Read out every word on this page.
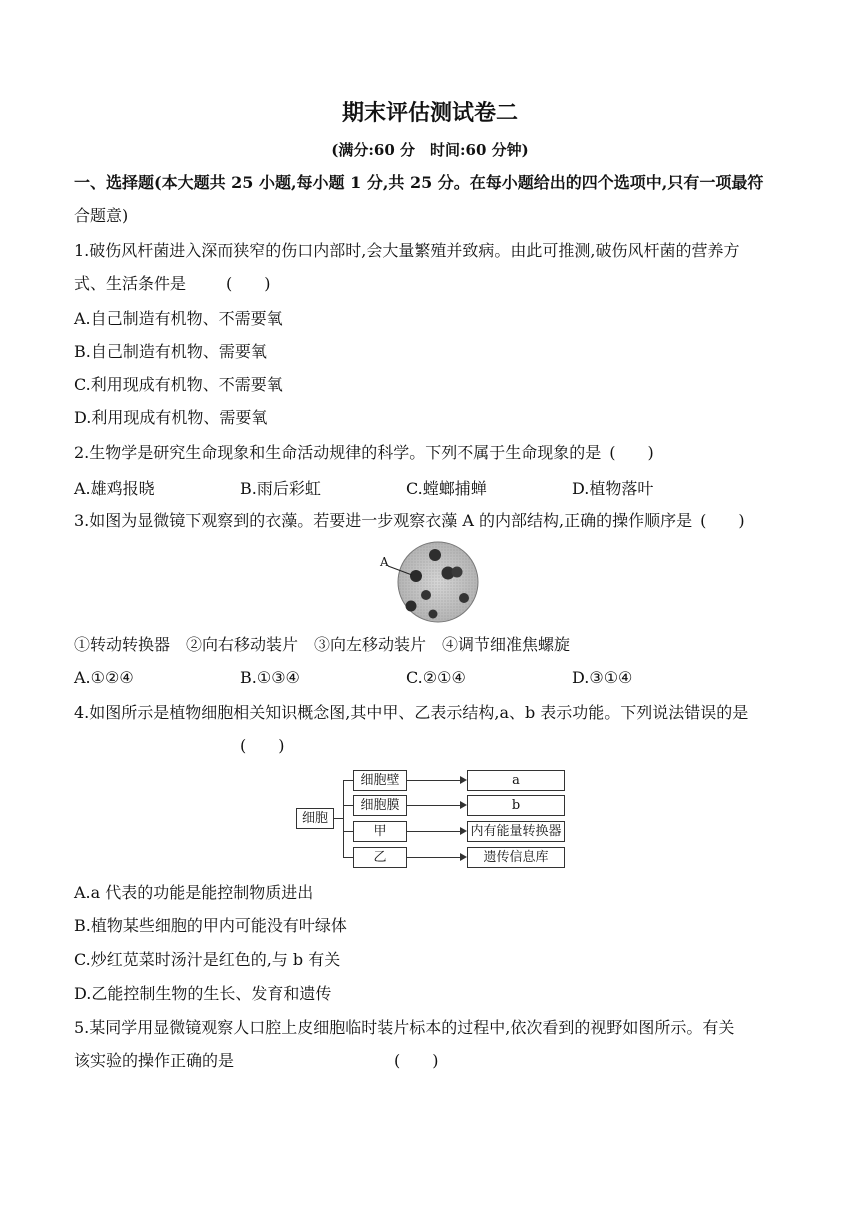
期末评估测试卷二
(满分:60 分　时间:60 分钟)
一、选择题(本大题共 25 小题,每小题 1 分,共 25 分。在每小题给出的四个选项中,只有一项最符
合题意)
1.破伤风杆菌进入深而狭窄的伤口内部时,会大量繁殖并致病。由此可推测,破伤风杆菌的营养方
式、生活条件是	(　　)
A.自己制造有机物、不需要氧
B.自己制造有机物、需要氧
C.利用现成有机物、不需要氧
D.利用现成有机物、需要氧
2.生物学是研究生命现象和生命活动规律的科学。下列不属于生命现象的是 (　　)
A.雄鸡报晓	B.雨后彩虹	C.螳螂捕蝉	D.植物落叶
3.如图为显微镜下观察到的衣藻。若要进一步观察衣藻 A 的内部结构,正确的操作顺序是 (　　)
A
①转动转换器　②向右移动装片　③向左移动装片　④调节细准焦螺旋
A.①②④	B.①③④	C.②①④	D.③①④
4.如图所示是植物细胞相关知识概念图,其中甲、乙表示结构,a、b 表示功能。下列说法错误的是
(　　)
细胞
细胞壁	a
细胞膜	b
甲	内有能量转换器
乙	遗传信息库
A.a 代表的功能是能控制物质进出
B.植物某些细胞的甲内可能没有叶绿体
C.炒红苋菜时汤汁是红色的,与 b 有关
D.乙能控制生物的生长、发育和遗传
5.某同学用显微镜观察人口腔上皮细胞临时装片标本的过程中,依次看到的视野如图所示。有关
该实验的操作正确的是	(　　)
